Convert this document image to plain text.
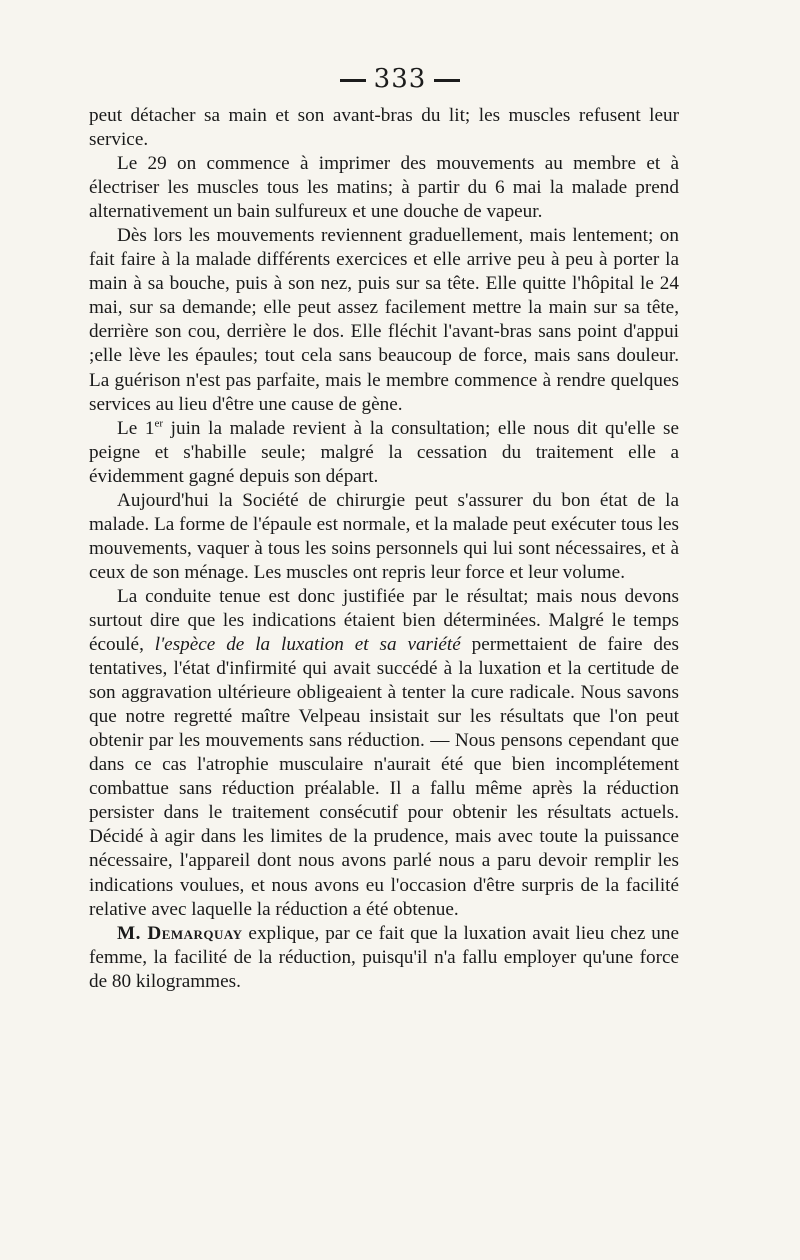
333

peut détacher sa main et son avant-bras du lit; les muscles refusent leur service.

Le 29 on commence à imprimer des mouvements au membre et à électriser les muscles tous les matins; à partir du 6 mai la malade prend alternativement un bain sulfureux et une douche de vapeur.

Dès lors les mouvements reviennent graduellement, mais lentement; on fait faire à la malade différents exercices et elle arrive peu à peu à porter la main à sa bouche, puis à son nez, puis sur sa tête. Elle quitte l'hôpital le 24 mai, sur sa demande; elle peut assez facilement mettre la main sur sa tête, derrière son cou, derrière le dos. Elle fléchit l'avant-bras sans point d'appui ;elle lève les épaules; tout cela sans beaucoup de force, mais sans douleur. La guérison n'est pas parfaite, mais le membre commence à rendre quelques services au lieu d'être une cause de gène.

Le 1er juin la malade revient à la consultation; elle nous dit qu'elle se peigne et s'habille seule; malgré la cessation du traitement elle a évidemment gagné depuis son départ.

Aujourd'hui la Société de chirurgie peut s'assurer du bon état de la malade. La forme de l'épaule est normale, et la malade peut exécuter tous les mouvements, vaquer à tous les soins personnels qui lui sont nécessaires, et à ceux de son ménage. Les muscles ont repris leur force et leur volume.

La conduite tenue est donc justifiée par le résultat; mais nous devons surtout dire que les indications étaient bien déterminées. Malgré le temps écoulé, l'espèce de la luxation et sa variété permettaient de faire des tentatives, l'état d'infirmité qui avait succédé à la luxation et la certitude de son aggravation ultérieure obligeaient à tenter la cure radicale. Nous savons que notre regretté maître Velpeau insistait sur les résultats que l'on peut obtenir par les mouvements sans réduction. — Nous pensons cependant que dans ce cas l'atrophie musculaire n'aurait été que bien incomplétement combattue sans réduction préalable. Il a fallu même après la réduction persister dans le traitement consécutif pour obtenir les résultats actuels. Décidé à agir dans les limites de la prudence, mais avec toute la puissance nécessaire, l'appareil dont nous avons parlé nous a paru devoir remplir les indications voulues, et nous avons eu l'occasion d'être surpris de la facilité relative avec laquelle la réduction a été obtenue.

M. Demarquay explique, par ce fait que la luxation avait lieu chez une femme, la facilité de la réduction, puisqu'il n'a fallu employer qu'une force de 80 kilogrammes.
